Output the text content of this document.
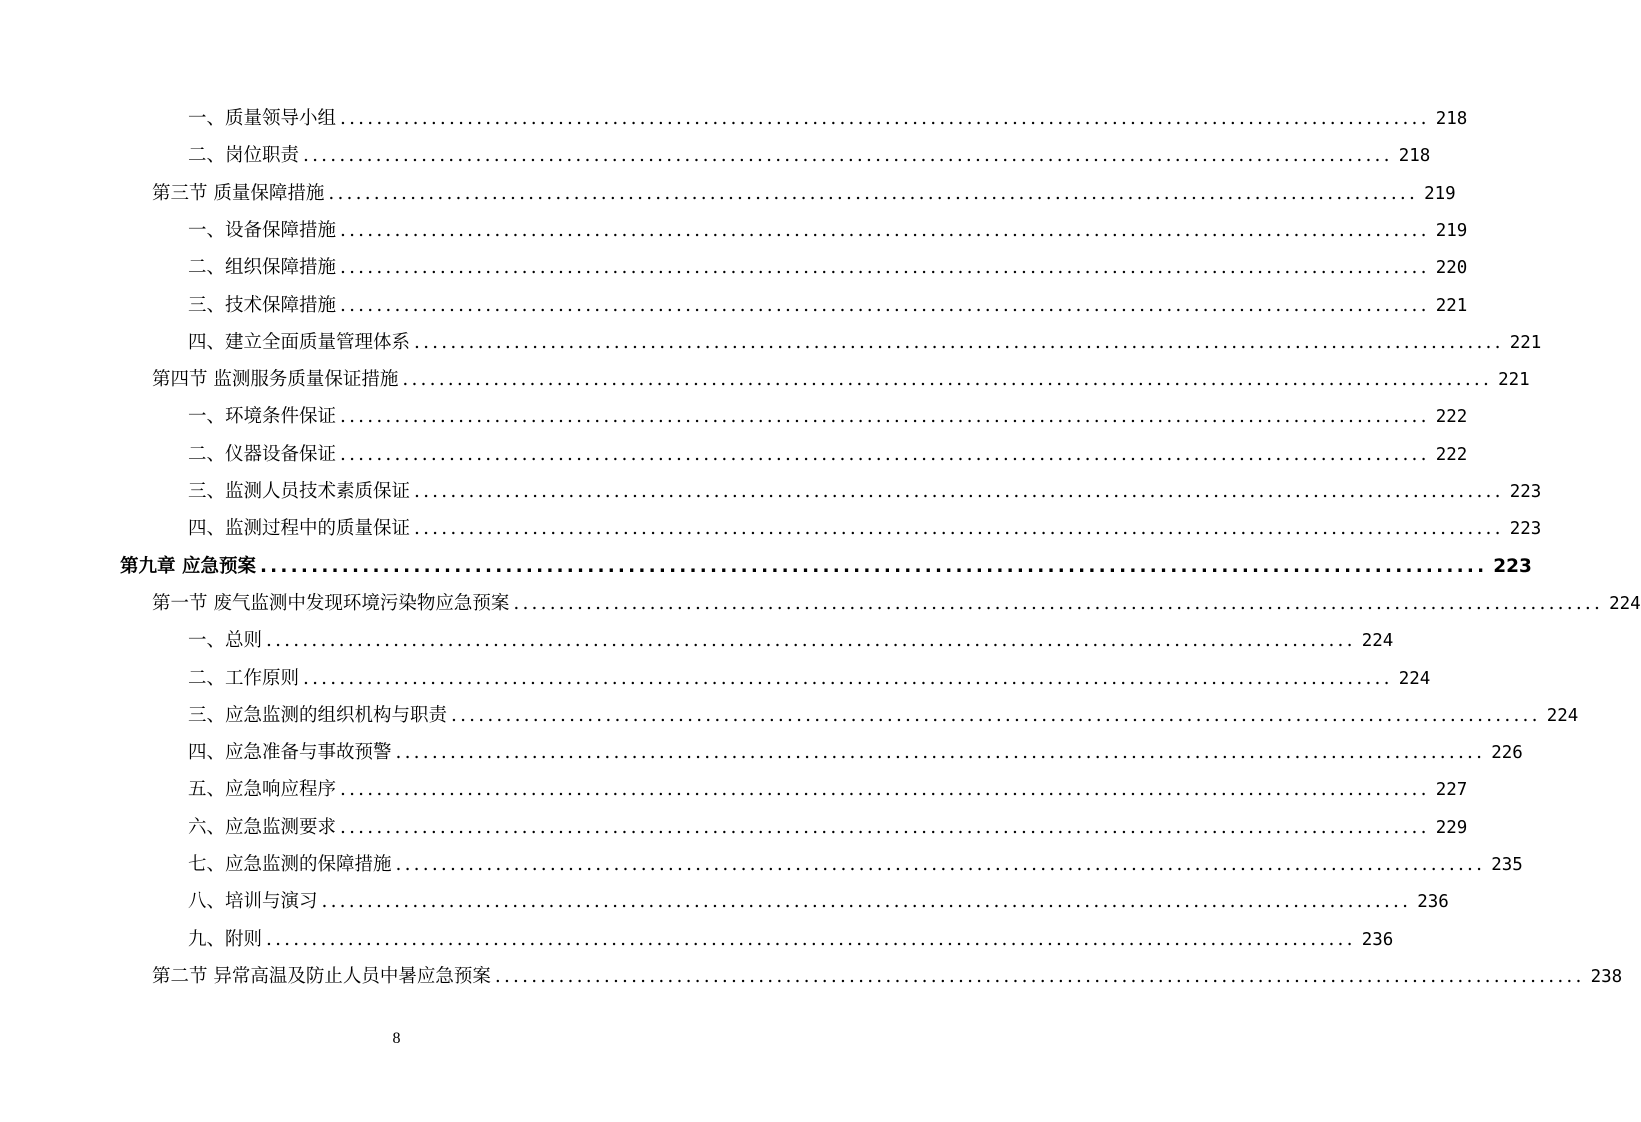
一、质量领导小组 ........................................................................................................................ 218
二、岗位职责 ........................................................................................................................ 218
第三节 质量保障措施 ........................................................................................................................ 219
一、设备保障措施 ........................................................................................................................ 219
二、组织保障措施 ........................................................................................................................ 220
三、技术保障措施 ........................................................................................................................ 221
四、建立全面质量管理体系 ........................................................................................................................ 221
第四节 监测服务质量保证措施 ........................................................................................................................ 221
一、环境条件保证 ........................................................................................................................ 222
二、仪器设备保证 ........................................................................................................................ 222
三、监测人员技术素质保证 ........................................................................................................................ 223
四、监测过程中的质量保证 ........................................................................................................................ 223
第九章 应急预案 ........................................................................................................................ 223
第一节 废气监测中发现环境污染物应急预案 ........................................................................................................................ 224
一、总则 ........................................................................................................................ 224
二、工作原则 ........................................................................................................................ 224
三、应急监测的组织机构与职责 ........................................................................................................................ 224
四、应急准备与事故预警 ........................................................................................................................ 226
五、应急响应程序 ........................................................................................................................ 227
六、应急监测要求 ........................................................................................................................ 229
七、应急监测的保障措施 ........................................................................................................................ 235
八、培训与演习 ........................................................................................................................ 236
九、附则 ........................................................................................................................ 236
第二节 异常高温及防止人员中暑应急预案 ........................................................................................................................ 238
8
